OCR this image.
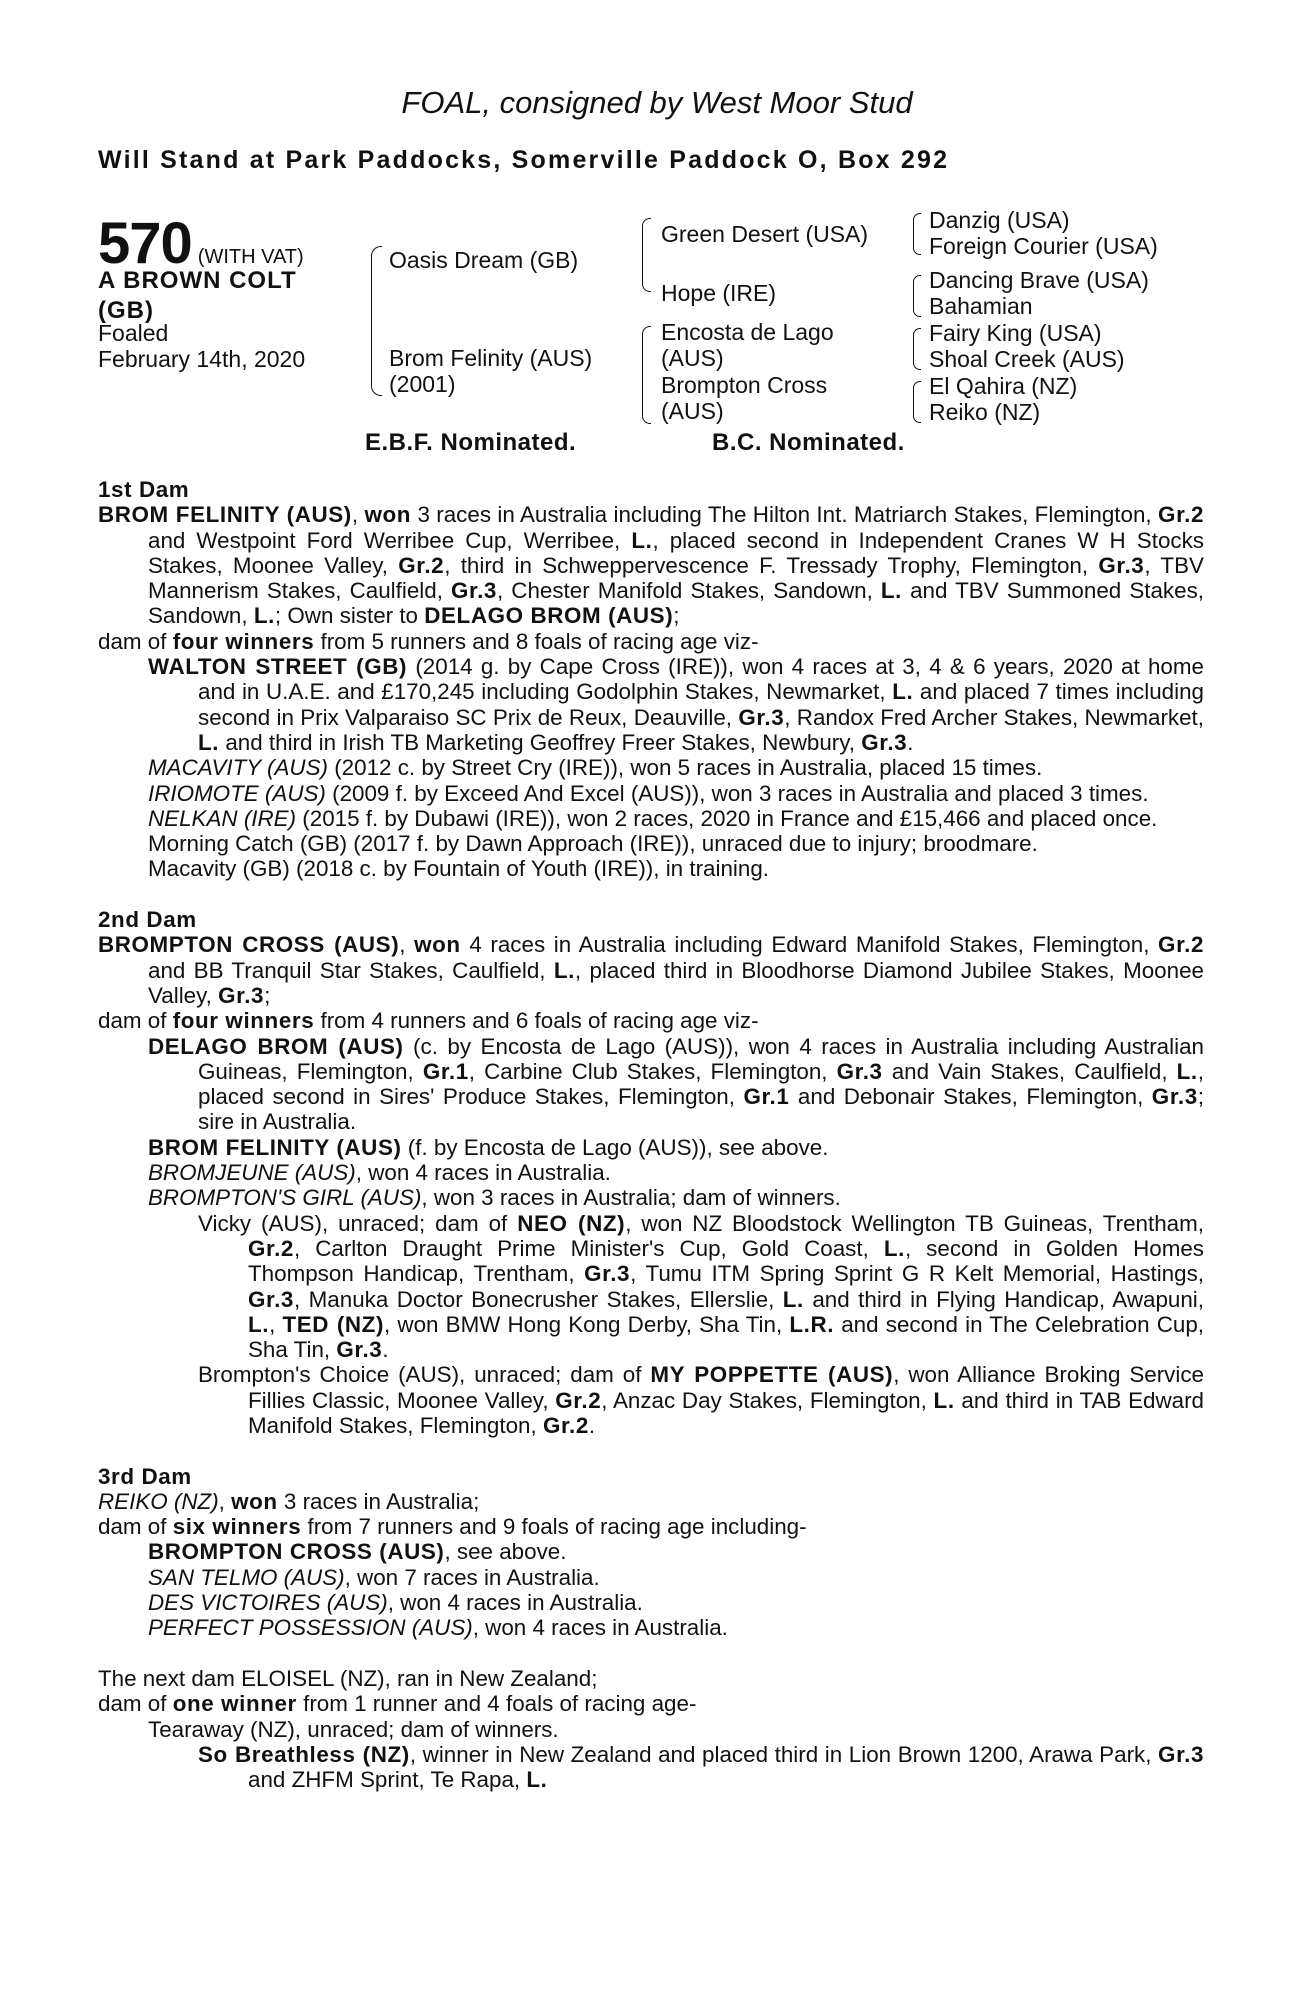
FOAL, consigned by West Moor Stud
Will Stand at Park Paddocks, Somerville Paddock O, Box 292
570 (WITH VAT)
A BROWN COLT
(GB)
Foaled
February 14th, 2020
Oasis Dream (GB)
Brom Felinity (AUS)
(2001)
Green Desert (USA)
Hope (IRE)
Encosta de Lago
(AUS)
Brompton Cross
(AUS)
Danzig (USA)
Foreign Courier (USA)
Dancing Brave (USA)
Bahamian
Fairy King (USA)
Shoal Creek (AUS)
El Qahira (NZ)
Reiko (NZ)
E.B.F. Nominated.	B.C. Nominated.

1st Dam

BROM FELINITY (AUS), won 3 races in Australia including The Hilton Int. Matriarch Stakes, Flemington, Gr.2 and Westpoint Ford Werribee Cup, Werribee, L., placed second in Independent Cranes W H Stocks Stakes, Moonee Valley, Gr.2, third in Schweppervescence F. Tressady Trophy, Flemington, Gr.3, TBV Mannerism Stakes, Caulfield, Gr.3, Chester Manifold Stakes, Sandown, L. and TBV Summoned Stakes, Sandown, L.; Own sister to DELAGO BROM (AUS);

dam of four winners from 5 runners and 8 foals of racing age viz-

WALTON STREET (GB) (2014 g. by Cape Cross (IRE)), won 4 races at 3, 4 & 6 years, 2020 at home and in U.A.E. and £170,245 including Godolphin Stakes, Newmarket, L. and placed 7 times including second in Prix Valparaiso SC Prix de Reux, Deauville, Gr.3, Randox Fred Archer Stakes, Newmarket, L. and third in Irish TB Marketing Geoffrey Freer Stakes, Newbury, Gr.3.

MACAVITY (AUS) (2012 c. by Street Cry (IRE)), won 5 races in Australia, placed 15 times.

IRIOMOTE (AUS) (2009 f. by Exceed And Excel (AUS)), won 3 races in Australia and placed 3 times.

NELKAN (IRE) (2015 f. by Dubawi (IRE)), won 2 races, 2020 in France and £15,466 and placed once.

Morning Catch (GB) (2017 f. by Dawn Approach (IRE)), unraced due to injury; broodmare.

Macavity (GB) (2018 c. by Fountain of Youth (IRE)), in training.

2nd Dam

BROMPTON CROSS (AUS), won 4 races in Australia including Edward Manifold Stakes, Flemington, Gr.2 and BB Tranquil Star Stakes, Caulfield, L., placed third in Bloodhorse Diamond Jubilee Stakes, Moonee Valley, Gr.3;

dam of four winners from 4 runners and 6 foals of racing age viz-

DELAGO BROM (AUS) (c. by Encosta de Lago (AUS)), won 4 races in Australia including Australian Guineas, Flemington, Gr.1, Carbine Club Stakes, Flemington, Gr.3 and Vain Stakes, Caulfield, L., placed second in Sires' Produce Stakes, Flemington, Gr.1 and Debonair Stakes, Flemington, Gr.3; sire in Australia.

BROM FELINITY (AUS) (f. by Encosta de Lago (AUS)), see above.

BROMJEUNE (AUS), won 4 races in Australia.

BROMPTON'S GIRL (AUS), won 3 races in Australia; dam of winners.

Vicky (AUS), unraced; dam of NEO (NZ), won NZ Bloodstock Wellington TB Guineas, Trentham, Gr.2, Carlton Draught Prime Minister's Cup, Gold Coast, L., second in Golden Homes Thompson Handicap, Trentham, Gr.3, Tumu ITM Spring Sprint G R Kelt Memorial, Hastings, Gr.3, Manuka Doctor Bonecrusher Stakes, Ellerslie, L. and third in Flying Handicap, Awapuni, L., TED (NZ), won BMW Hong Kong Derby, Sha Tin, L.R. and second in The Celebration Cup, Sha Tin, Gr.3.

Brompton's Choice (AUS), unraced; dam of MY POPPETTE (AUS), won Alliance Broking Service Fillies Classic, Moonee Valley, Gr.2, Anzac Day Stakes, Flemington, L. and third in TAB Edward Manifold Stakes, Flemington, Gr.2.

3rd Dam

REIKO (NZ), won 3 races in Australia;

dam of six winners from 7 runners and 9 foals of racing age including-

BROMPTON CROSS (AUS), see above.

SAN TELMO (AUS), won 7 races in Australia.

DES VICTOIRES (AUS), won 4 races in Australia.

PERFECT POSSESSION (AUS), won 4 races in Australia.

The next dam ELOISEL (NZ), ran in New Zealand;

dam of one winner from 1 runner and 4 foals of racing age-

Tearaway (NZ), unraced; dam of winners.

So Breathless (NZ), winner in New Zealand and placed third in Lion Brown 1200, Arawa Park, Gr.3 and ZHFM Sprint, Te Rapa, L.
